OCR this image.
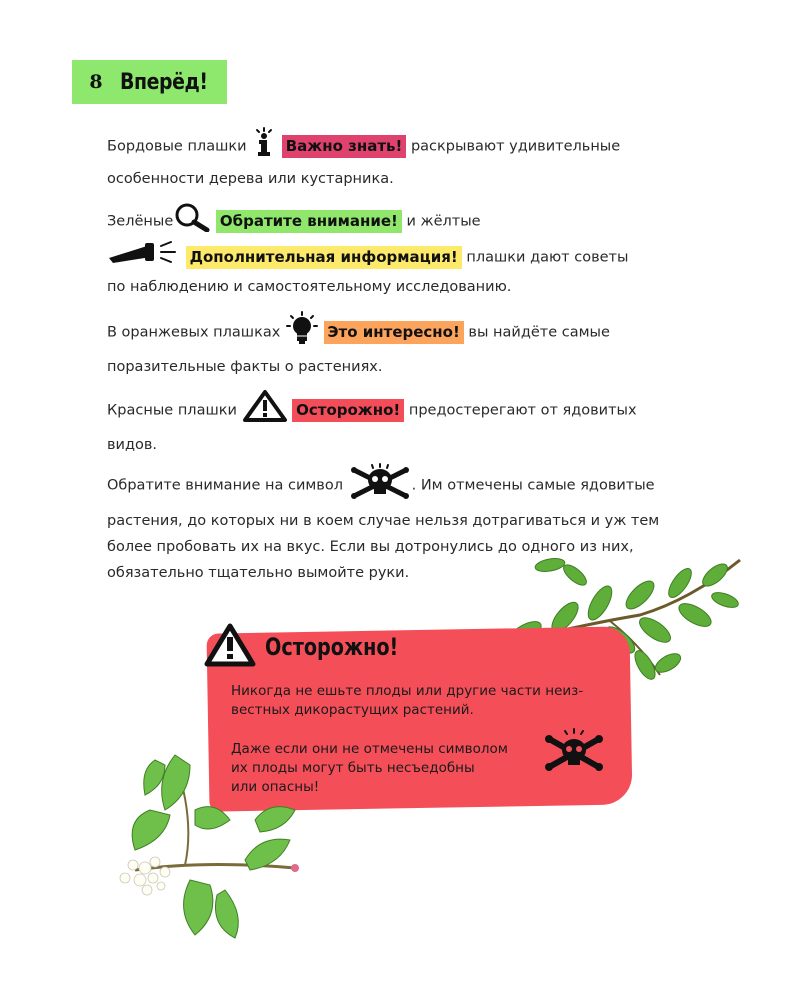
8 Вперёд!
Бордовые плашки	Важно знать! раскрывают удивительные
особенности дерева или кустарника.
Зелёные	Обратите внимание! и жёлтые
Дополнительная информация! плашки дают советы
по наблюдению и самостоятельному исследованию.
В оранжевых плашках	Это интересно! вы найдёте самые
поразительные факты о растениях.
Красные плашки	Осторожно! предостерегают от ядовитых
видов.
Обратите внимание на символ	. Им отмечены самые ядовитые
растения, до которых ни в коем случае нельзя дотрагиваться и уж тем
более пробовать их на вкус. Если вы дотронулись до одного из них,
обязательно тщательно вымойте руки.
Осторожно!
Никогда не ешьте плоды или другие части неиз-
вестных дикорастущих растений.
Даже если они не отмечены символом
их плоды могут быть несъедобны
или опасны!
